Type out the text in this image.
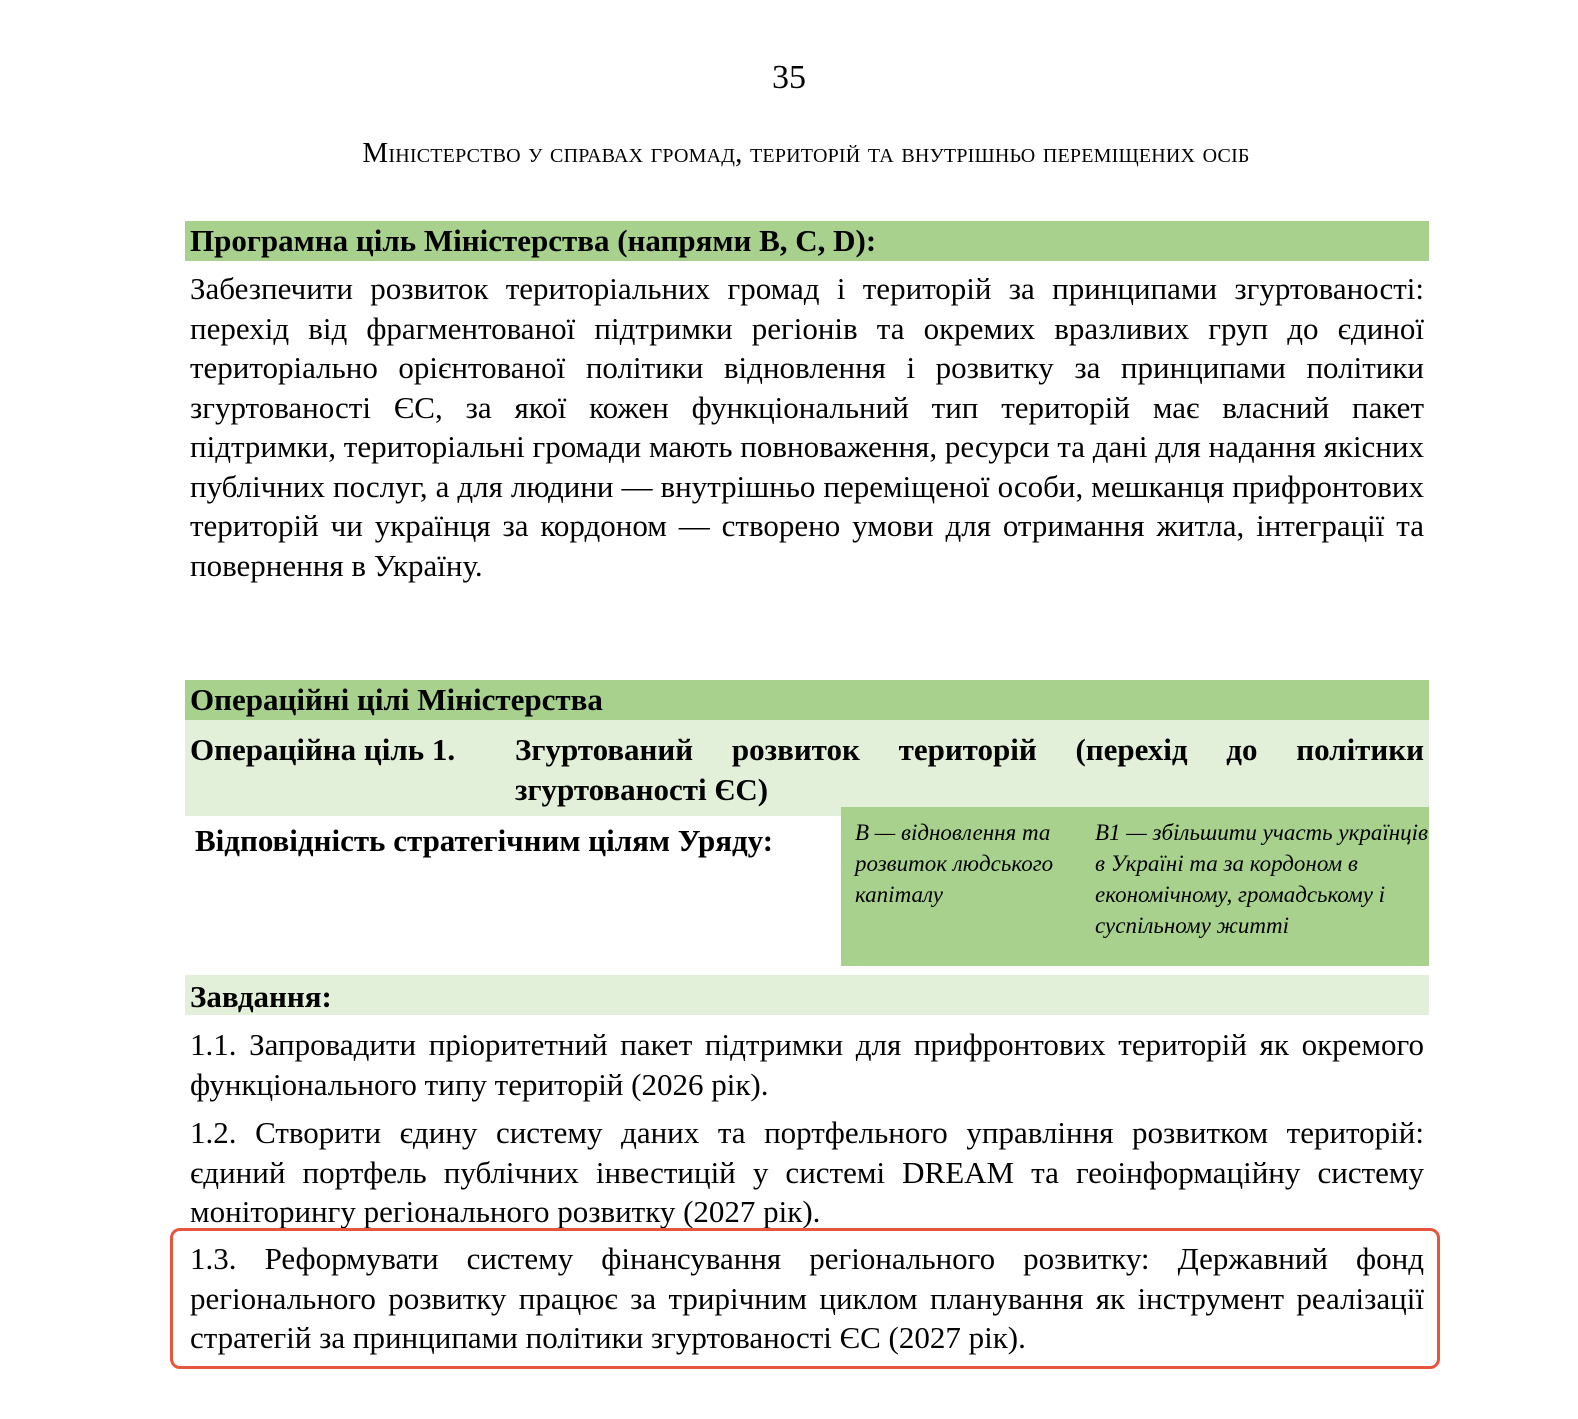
35
Міністерство у справах громад, територій та внутрішньо переміщених осіб
Програмна ціль Міністерства (напрями B, C, D):
Забезпечити розвиток територіальних громад і територій за принципами згуртованості: перехід від фрагментованої підтримки регіонів та окремих вразливих груп до єдиної територіально орієнтованої політики відновлення і розвитку за принципами політики згуртованості ЄС, за якої кожен функціональний тип територій має власний пакет підтримки, територіальні громади мають повноваження, ресурси та дані для надання якісних публічних послуг, а для людини — внутрішньо переміщеної особи, мешканця прифронтових територій чи українця за кордоном — створено умови для отримання житла, інтеграції та повернення в Україну.
Операційні цілі Міністерства
Операційна ціль 1.	Згуртований розвиток територій (перехід до політики згуртованості ЄС)
Відповідність стратегічним цілям Уряду:	B — відновлення та розвиток людського капіталу
B1 — збільшити участь українців в Україні та за кордоном в економічному, громадському і суспільному житті
Завдання:
1.1. Запровадити пріоритетний пакет підтримки для прифронтових територій як окремого функціонального типу територій (2026 рік).
1.2. Створити єдину систему даних та портфельного управління розвитком територій: єдиний портфель публічних інвестицій у системі DREAM та геоінформаційну систему моніторингу регіонального розвитку (2027 рік).
1.3. Реформувати систему фінансування регіонального розвитку: Державний фонд регіонального розвитку працює за трирічним циклом планування як інструмент реалізації стратегій за принципами політики згуртованості ЄС (2027 рік).
